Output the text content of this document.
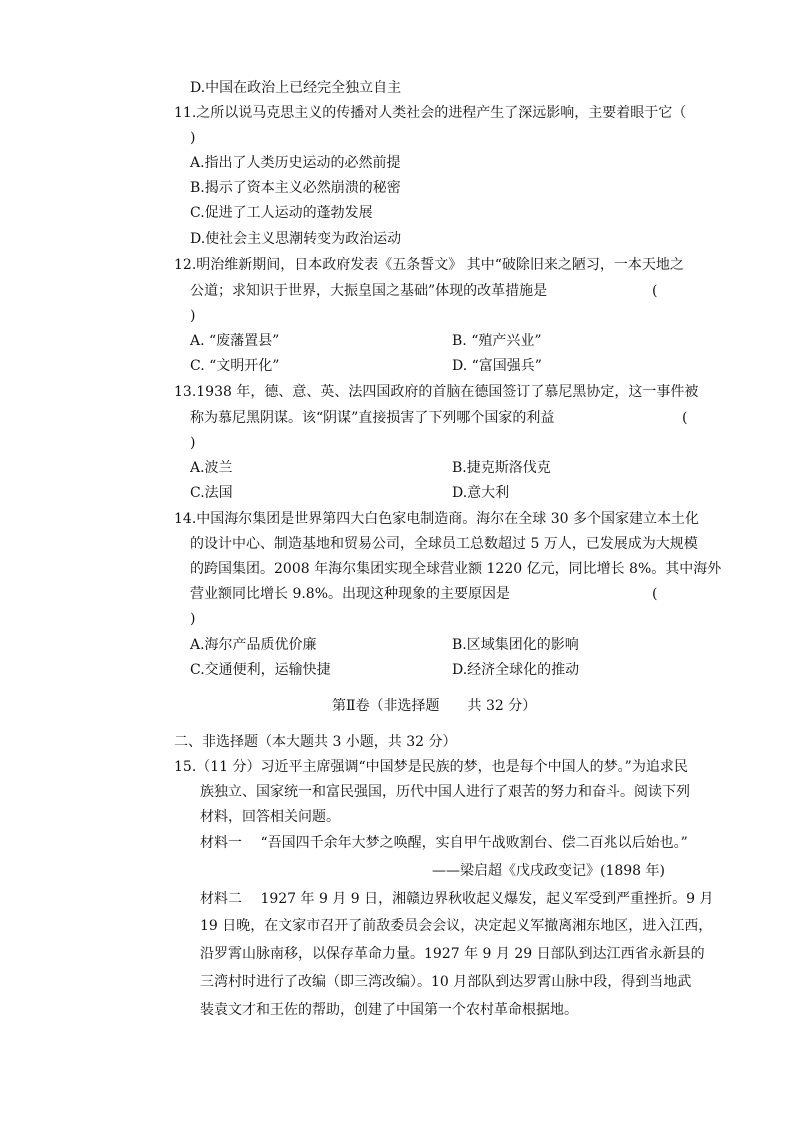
D.中国在政治上已经完全独立自主
11.之所以说马克思主义的传播对人类社会的进程产生了深远影响，主要着眼于它（
)
A.指出了人类历史运动的必然前提
B.揭示了资本主义必然崩溃的秘密
C.促进了工人运动的蓬勃发展
D.使社会主义思潮转变为政治运动
12.明治维新期间，日本政府发表《五条誓文》 其中“破除旧来之陋习，一本天地之
公道；求知识于世界，大振皇国之基础”体现的改革措施是	(
)
A. “废藩置县”	B. “殖产兴业”
C. “文明开化”	D. “富国强兵”
13.1938 年，德、意、英、法四国政府的首脑在德国签订了慕尼黑协定，这一事件被
称为慕尼黑阴谋。该“阴谋”直接损害了下列哪个国家的利益	(
)
A.波兰	B.捷克斯洛伐克
C.法国	D.意大利
14.中国海尔集团是世界第四大白色家电制造商。海尔在全球 30 多个国家建立本土化
的设计中心、制造基地和贸易公司，全球员工总数超过 5 万人，已发展成为大规模
的跨国集团。2008 年海尔集团实现全球营业额 1220 亿元，同比增长 8%。其中海外
营业额同比增长 9.8%。出现这种现象的主要原因是	(
)
A.海尔产品质优价廉	B.区域集团化的影响
C.交通便利，运输快捷	D.经济全球化的推动
第Ⅱ卷（非选择题　　共 32 分）
二、非选择题（本大题共 3 小题，共 32 分）
15.（11 分）习近平主席强调“中国梦是民族的梦，也是每个中国人的梦。”为追求民
族独立、国家统一和富民强国，历代中国人进行了艰苦的努力和奋斗。阅读下列
材料，回答相关问题。
材料一　 “吾国四千余年大梦之唤醒，实自甲午战败割台、偿二百兆以后始也。”
——梁启超《戊戌政变记》(1898 年)
材料二　 1927 年 9 月 9 日，湘赣边界秋收起义爆发，起义军受到严重挫折。9 月
19 日晚，在文家市召开了前敌委员会会议，决定起义军撤离湘东地区，进入江西，
沿罗霄山脉南移，以保存革命力量。1927 年 9 月 29 日部队到达江西省永新县的
三湾村时进行了改编（即三湾改编）。10 月部队到达罗霄山脉中段，得到当地武
装袁文才和王佐的帮助，创建了中国第一个农村革命根据地。
